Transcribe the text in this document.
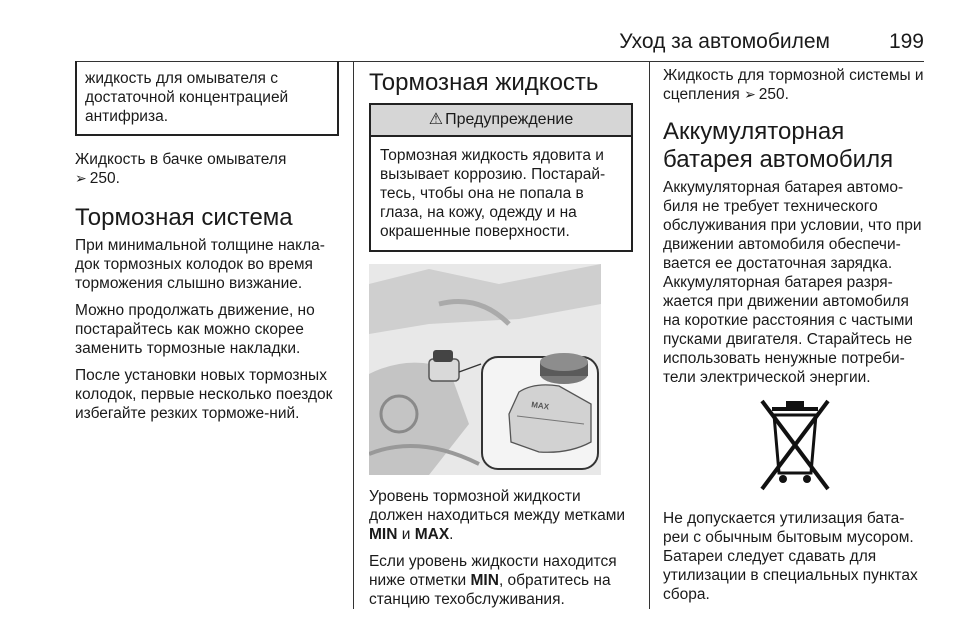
Уход за автомобилем	199
жидкость для омывателя с достаточной концентрацией антифриза.

Жидкость в бачке омывателя
➢ 250.

Тормозная система

При минимальной толщине накла-док тормозных колодок во время торможения слышно визжание.

Можно продолжать движение, но постарайтесь как можно скорее заменить тормозные накладки.

После установки новых тормозных колодок, первые несколько поездок избегайте резких торможе-ний.

Тормозная жидкость
⚠ Предупреждение
Тормозная жидкость ядовита и вызывает коррозию. Постарай-тесь, чтобы она не попала в глаза, на кожу, одежду и на окрашенные поверхности.
MAX

Уровень тормозной жидкости должен находиться между метками MIN и MAX.

Если уровень жидкости находится ниже отметки MIN, обратитесь на станцию техобслуживания.

Жидкость для тормозной системы и сцепления ➢ 250.

Аккумуляторная батарея автомобиля

Аккумуляторная батарея автомо-биля не требует технического обслуживания при условии, что при движении автомобиля обеспечи-вается ее достаточная зарядка. Аккумуляторная батарея разря-жается при движении автомобиля на короткие расстояния с частыми пусками двигателя. Старайтесь не использовать ненужные потреби-тели электрической энергии.

Не допускается утилизация бата-реи с обычным бытовым мусором. Батареи следует сдавать для утилизации в специальных пунктах сбора.
